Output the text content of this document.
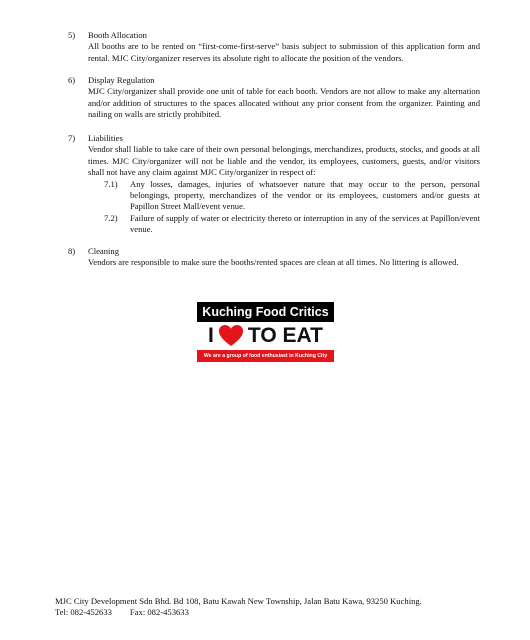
5)	Booth Allocation
All booths are to be rented on “first-come-first-serve” basis subject to submission of this application form and rental. MJC City/organizer reserves its absolute right to allocate the position of the vendors.
6)	Display Regulation
MJC City/organizer shall provide one unit of table for each booth. Vendors are not allow to make any alternation and/or addition of structures to the spaces allocated without any prior consent from the organizer. Painting and nailing on walls are strictly prohibited.
7)	Liabilities
Vendor shall liable to take care of their own personal belongings, merchandizes, products, stocks, and goods at all times. MJC City/organizer will not be liable and the vendor, its employees, customers, guests, and/or visitors shall not have any claim against MJC City/organizer in respect of:
7.1)	Any losses, damages, injuries of whatsoever nature that may occur to the person, personal belongings, property, merchandizes of the vendor or its employees, customers and/or guests at Papillon Street Mall/event venue.
7.2)	Failure of supply of water or electricity thereto or interruption in any of the services at Papillon/event venue.
8)	Cleaning
Vendors are responsible to make sure the booths/rented spaces are clean at all times. No littering is allowed.
Kuching Food Critics
I TO EAT
We are a group of food enthusiast in Kuching City
MJC City Development Sdn Bhd. Bd 108, Batu Kawah New Township, Jalan Batu Kawa, 93250 Kuching.
Tel: 082-452633 Fax: 082-453633
